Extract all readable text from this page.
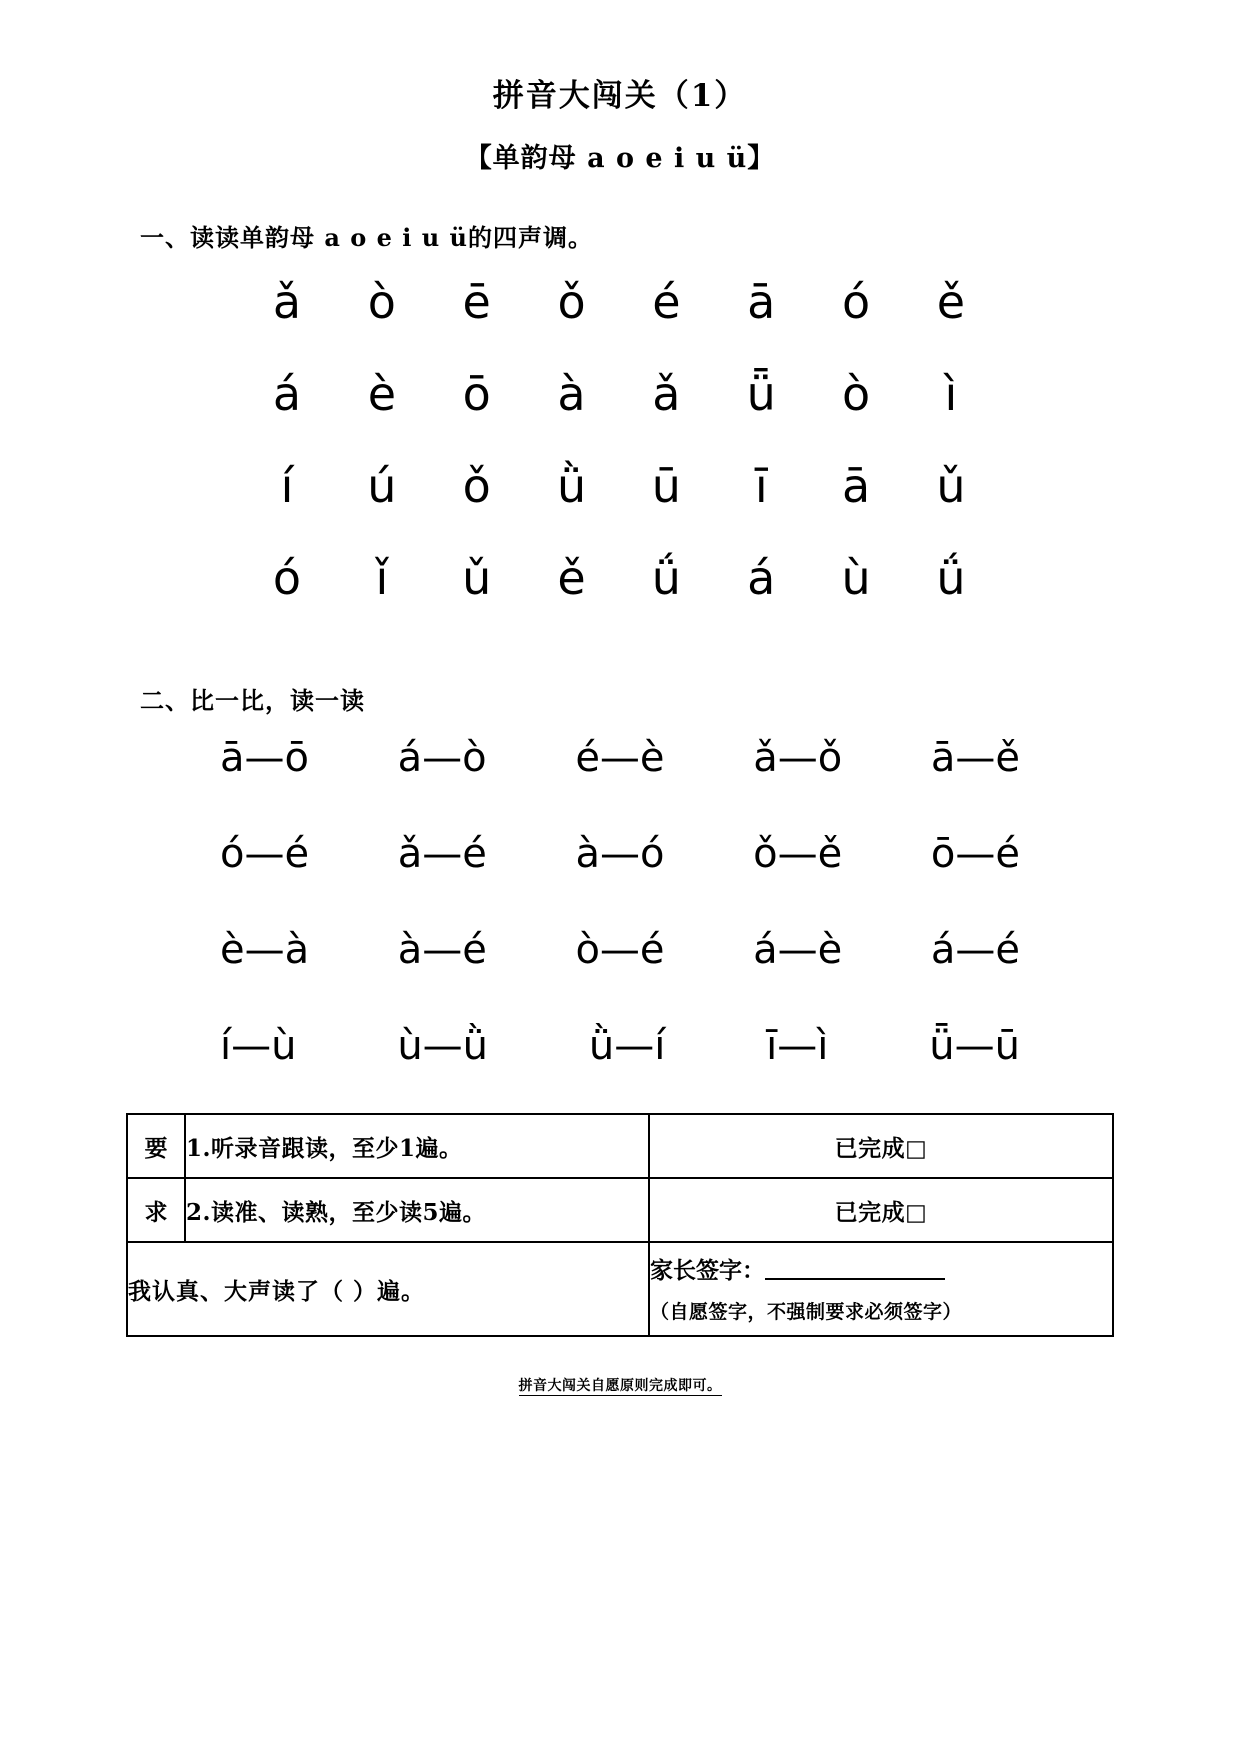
拼音大闯关（1）
【单韵母 a o e i u ü】
一、读读单韵母 a o e i u ü的四声调。
ǎ	ò	ē	ǒ	é	ā	ó	ě
á	è	ō	à	ǎ	ǖ	ò	ì
í	ú	ǒ	ǜ	ū	ī	ā	ǔ
ó	ǐ	ǔ	ě	ǘ	á	ù	ǘ
二、比一比，读一读
ā—ō á—ò é—è ǎ—ǒ ā—ě
ó—é ǎ—é à—ó ǒ—ě ō—é
è—à à—é ò—é á—è á—é
í—ù	ù—ǜ	ǜ—í	ī—ì	ǖ—ū
要	1.听录音跟读，至少1遍。	已完成□
求	2.读准、读熟，至少读5遍。	已完成□
我认真、大声读了（ ）遍。		家长签字：
（自愿签字，不强制要求必须签字）
拼音大闯关自愿原则完成即可。
